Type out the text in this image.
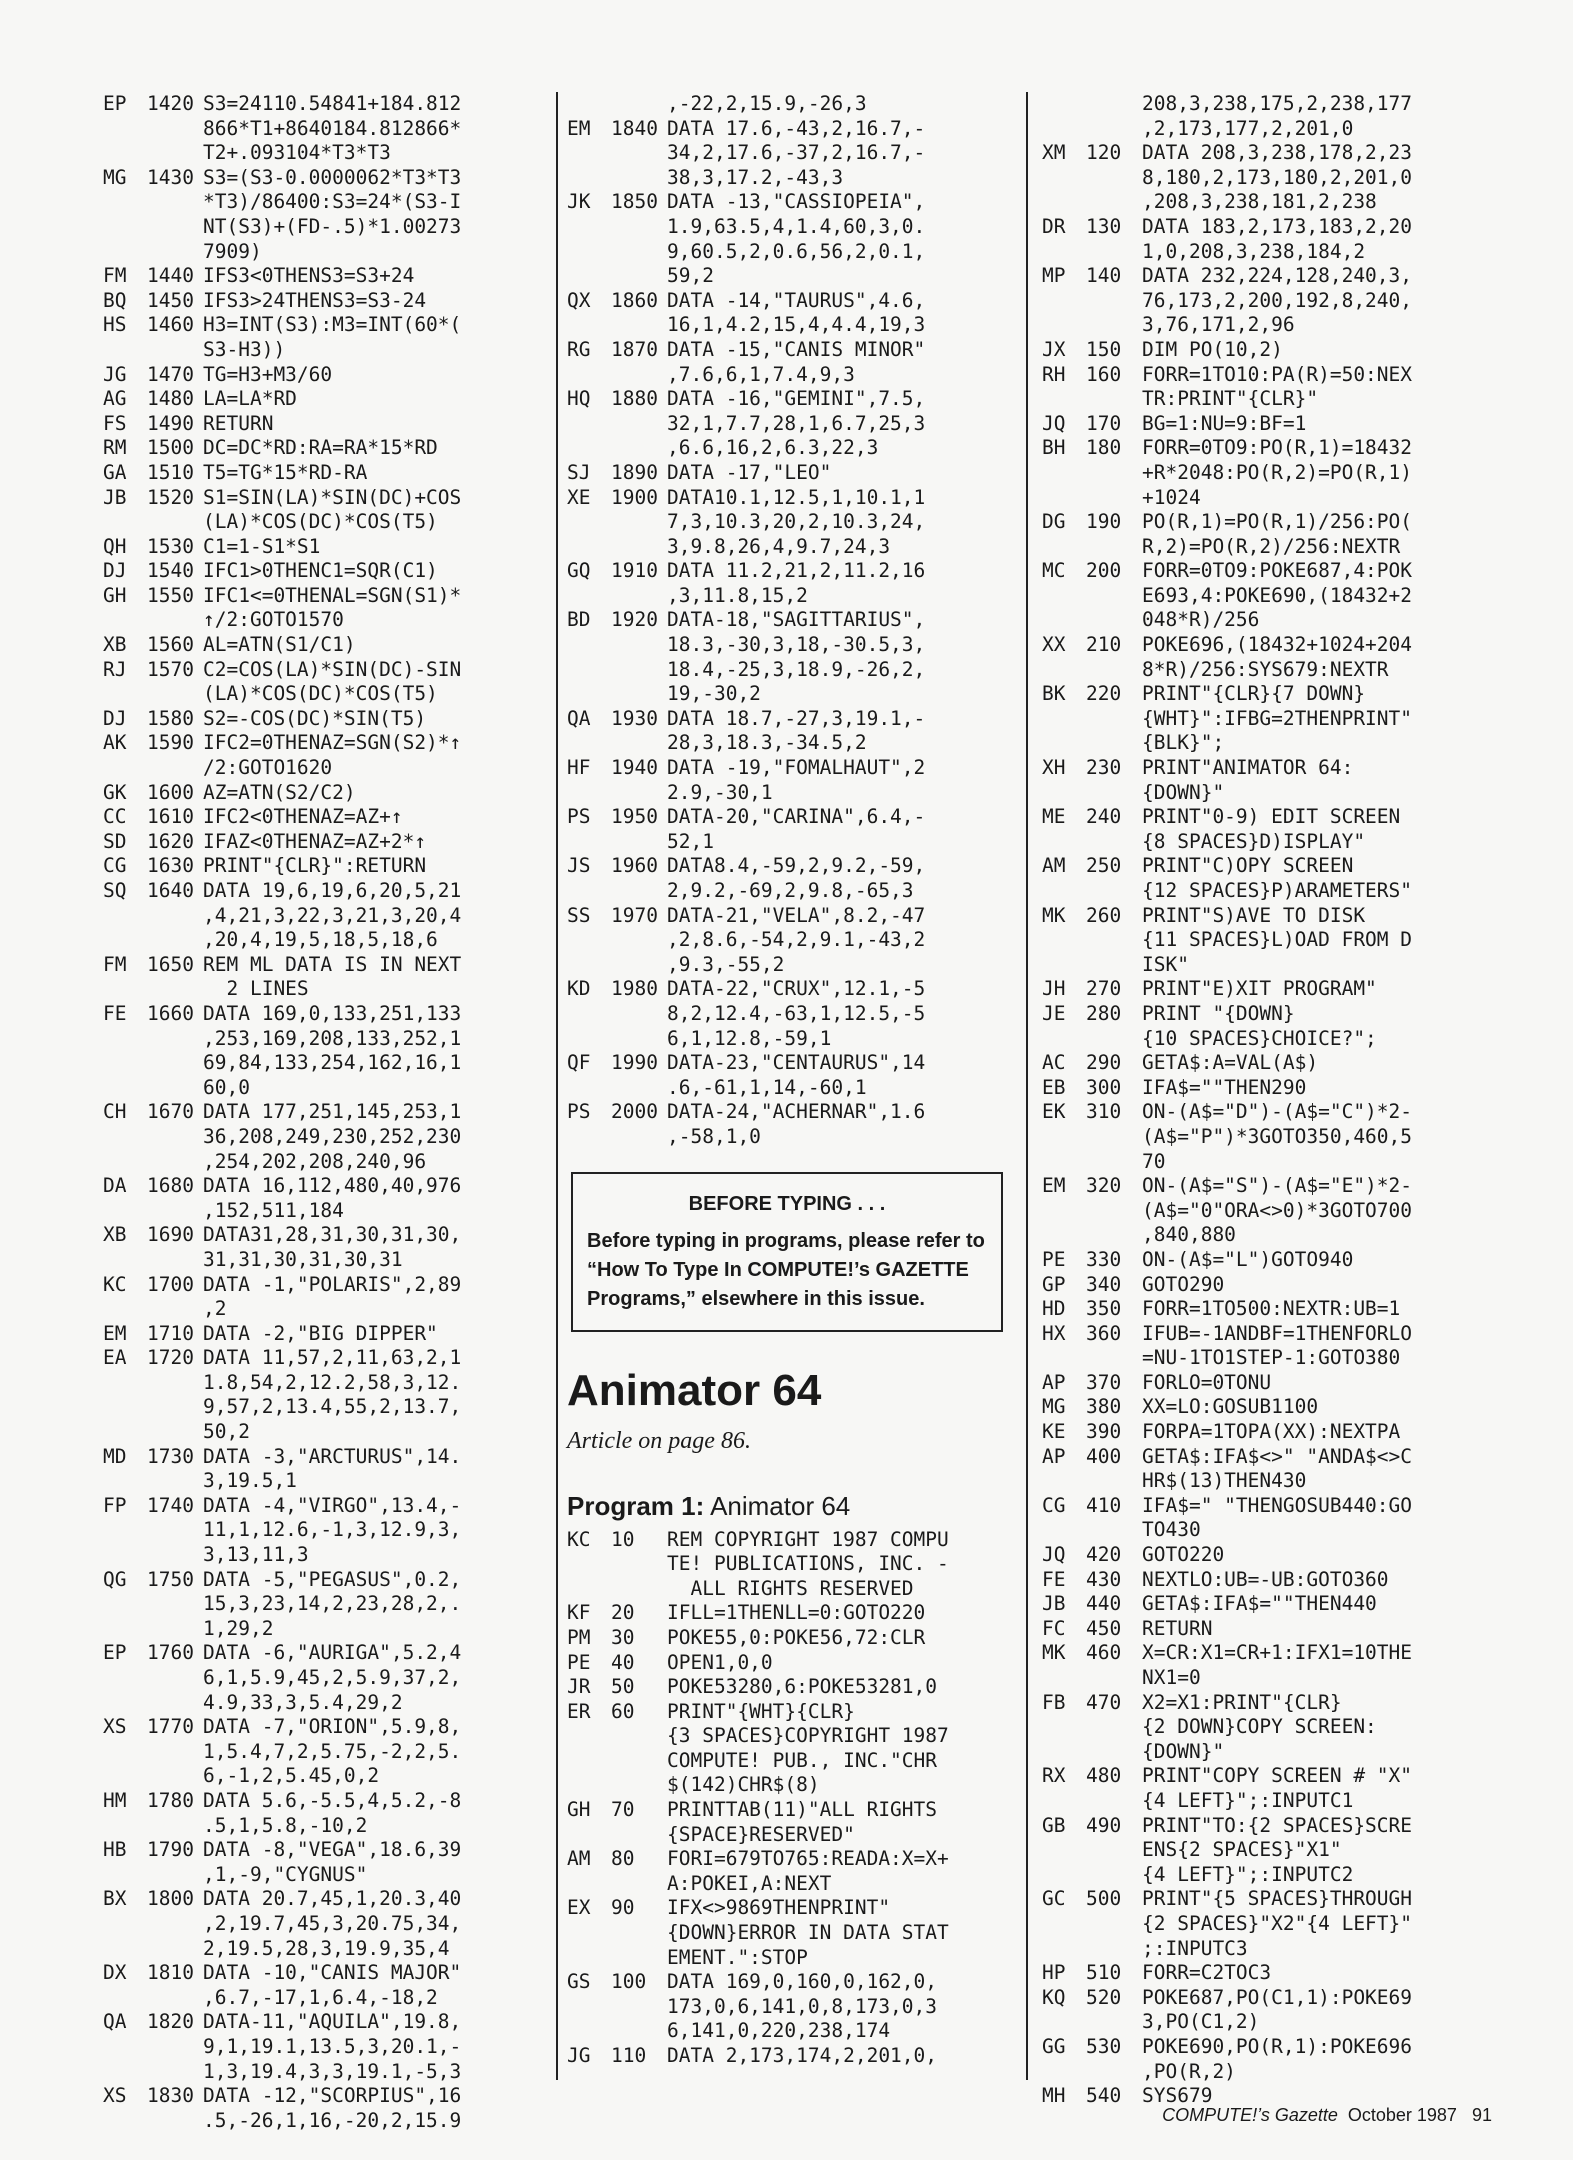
EP	1420 S3=24110.54841+184.812
866*T1+8640184.812866*
T2+.093104*T3*T3
MG	1430 S3=(S3-0.0000062*T3*T3
*T3)/86400:S3=24*(S3-I
NT(S3)+(FD-.5)*1.00273
7909)
FM	1440 IFS3<0THENS3=S3+24
BQ	1450 IFS3>24THENS3=S3-24
HS	1460 H3=INT(S3):M3=INT(60*(
S3-H3))
JG	1470 TG=H3+M3/60
AG	1480 LA=LA*RD
FS	1490 RETURN
RM	1500 DC=DC*RD:RA=RA*15*RD
GA	1510 T5=TG*15*RD-RA
JB	1520 S1=SIN(LA)*SIN(DC)+COS
(LA)*COS(DC)*COS(T5)
QH	1530 C1=1-S1*S1
DJ	1540 IFC1>0THENC1=SQR(C1)
GH	1550 IFC1<=0THENAL=SGN(S1)*
↑/2:GOTO1570
XB	1560 AL=ATN(S1/C1)
RJ	1570 C2=COS(LA)*SIN(DC)-SIN
(LA)*COS(DC)*COS(T5)
DJ	1580 S2=-COS(DC)*SIN(T5)
AK	1590 IFC2=0THENAZ=SGN(S2)*↑
/2:GOTO1620
GK	1600 AZ=ATN(S2/C2)
CC	1610 IFC2<0THENAZ=AZ+↑
SD	1620 IFAZ<0THENAZ=AZ+2*↑
CG	1630 PRINT"{CLR}":RETURN
SQ	1640 DATA 19,6,19,6,20,5,21
,4,21,3,22,3,21,3,20,4
,20,4,19,5,18,5,18,6
FM	1650 REM ML DATA IS IN NEXT
2 LINES
FE	1660 DATA 169,0,133,251,133
,253,169,208,133,252,1
69,84,133,254,162,16,1
60,0
CH	1670 DATA 177,251,145,253,1
36,208,249,230,252,230
,254,202,208,240,96
DA	1680 DATA 16,112,480,40,976
,152,511,184
XB	1690 DATA31,28,31,30,31,30,
31,31,30,31,30,31
KC	1700 DATA -1,"POLARIS",2,89
,2
EM	1710 DATA -2,"BIG DIPPER"
EA	1720 DATA 11,57,2,11,63,2,1
1.8,54,2,12.2,58,3,12.
9,57,2,13.4,55,2,13.7,
50,2
MD	1730 DATA -3,"ARCTURUS",14.
3,19.5,1
FP	1740 DATA -4,"VIRGO",13.4,-
11,1,12.6,-1,3,12.9,3,
3,13,11,3
QG	1750 DATA -5,"PEGASUS",0.2,
15,3,23,14,2,23,28,2,.
1,29,2
EP	1760 DATA -6,"AURIGA",5.2,4
6,1,5.9,45,2,5.9,37,2,
4.9,33,3,5.4,29,2
XS	1770 DATA -7,"ORION",5.9,8,
1,5.4,7,2,5.75,-2,2,5.
6,-1,2,5.45,0,2
HM	1780 DATA 5.6,-5.5,4,5.2,-8
.5,1,5.8,-10,2
HB	1790 DATA -8,"VEGA",18.6,39
,1,-9,"CYGNUS"
BX	1800 DATA 20.7,45,1,20.3,40
,2,19.7,45,3,20.75,34,
2,19.5,28,3,19.9,35,4
DX	1810 DATA -10,"CANIS MAJOR"
,6.7,-17,1,6.4,-18,2
QA	1820 DATA-11,"AQUILA",19.8,
9,1,19.1,13.5,3,20.1,-
1,3,19.4,3,3,19.1,-5,3
XS	1830 DATA -12,"SCORPIUS",16
.5,-26,1,16,-20,2,15.9
,-22,2,15.9,-26,3
EM	1840 DATA 17.6,-43,2,16.7,-
34,2,17.6,-37,2,16.7,-
38,3,17.2,-43,3
JK	1850 DATA -13,"CASSIOPEIA",
1.9,63.5,4,1.4,60,3,0.
9,60.5,2,0.6,56,2,0.1,
59,2
QX	1860 DATA -14,"TAURUS",4.6,
16,1,4.2,15,4,4.4,19,3
RG	1870 DATA -15,"CANIS MINOR"
,7.6,6,1,7.4,9,3
HQ	1880 DATA -16,"GEMINI",7.5,
32,1,7.7,28,1,6.7,25,3
,6.6,16,2,6.3,22,3
SJ	1890 DATA -17,"LEO"
XE	1900 DATA10.1,12.5,1,10.1,1
7,3,10.3,20,2,10.3,24,
3,9.8,26,4,9.7,24,3
GQ	1910 DATA 11.2,21,2,11.2,16
,3,11.8,15,2
BD	1920 DATA-18,"SAGITTARIUS",
18.3,-30,3,18,-30.5,3,
18.4,-25,3,18.9,-26,2,
19,-30,2
QA	1930 DATA 18.7,-27,3,19.1,-
28,3,18.3,-34.5,2
HF	1940 DATA -19,"FOMALHAUT",2
2.9,-30,1
PS	1950 DATA-20,"CARINA",6.4,-
52,1
JS	1960 DATA8.4,-59,2,9.2,-59,
2,9.2,-69,2,9.8,-65,3
SS	1970 DATA-21,"VELA",8.2,-47
,2,8.6,-54,2,9.1,-43,2
,9.3,-55,2
KD	1980 DATA-22,"CRUX",12.1,-5
8,2,12.4,-63,1,12.5,-5
6,1,12.8,-59,1
QF	1990 DATA-23,"CENTAURUS",14
.6,-61,1,14,-60,1
PS	2000 DATA-24,"ACHERNAR",1.6
,-58,1,0
BEFORE TYPING . . .
Before typing in programs, please refer to “How To Type In COMPUTE!’s GAZETTE Programs,” elsewhere in this issue.
Animator 64
Article on page 86.
Program 1: Animator 64
KC	10	REM COPYRIGHT 1987 COMPU
TE! PUBLICATIONS, INC. -
ALL RIGHTS RESERVED
KF	20	IFLL=1THENLL=0:GOTO220
PM	30	POKE55,0:POKE56,72:CLR
PE	40	OPEN1,0,0
JR	50	POKE53280,6:POKE53281,0
ER	60	PRINT"{WHT}{CLR}
{3 SPACES}COPYRIGHT 1987
COMPUTE! PUB., INC."CHR
$(142)CHR$(8)
GH	70	PRINTTAB(11)"ALL RIGHTS
{SPACE}RESERVED"
AM	80	FORI=679TO765:READA:X=X+
A:POKEI,A:NEXT
EX	90	IFX<>9869THENPRINT"
{DOWN}ERROR IN DATA STAT
EMENT.":STOP
GS	100	DATA 169,0,160,0,162,0,
173,0,6,141,0,8,173,0,3
6,141,0,220,238,174
JG	110	DATA 2,173,174,2,201,0,
208,3,238,175,2,238,177
,2,173,177,2,201,0
XM	120	DATA 208,3,238,178,2,23
8,180,2,173,180,2,201,0
,208,3,238,181,2,238
DR	130	DATA 183,2,173,183,2,20
1,0,208,3,238,184,2
MP	140	DATA 232,224,128,240,3,
76,173,2,200,192,8,240,
3,76,171,2,96
JX	150	DIM PO(10,2)
RH	160	FORR=1TO10:PA(R)=50:NEX
TR:PRINT"{CLR}"
JQ	170	BG=1:NU=9:BF=1
BH	180	FORR=0TO9:PO(R,1)=18432
+R*2048:PO(R,2)=PO(R,1)
+1024
DG	190	PO(R,1)=PO(R,1)/256:PO(
R,2)=PO(R,2)/256:NEXTR
MC	200	FORR=0TO9:POKE687,4:POK
E693,4:POKE690,(18432+2
048*R)/256
XX	210	POKE696,(18432+1024+204
8*R)/256:SYS679:NEXTR
BK	220	PRINT"{CLR}{7 DOWN}
{WHT}":IFBG=2THENPRINT"
{BLK}";
XH	230	PRINT"ANIMATOR 64:
{DOWN}"
ME	240	PRINT"0-9) EDIT SCREEN
{8 SPACES}D)ISPLAY"
AM	250	PRINT"C)OPY SCREEN
{12 SPACES}P)ARAMETERS"
MK	260	PRINT"S)AVE TO DISK
{11 SPACES}L)OAD FROM D
ISK"
JH	270	PRINT"E)XIT PROGRAM"
JE	280	PRINT "{DOWN}
{10 SPACES}CHOICE?";
AC	290	GETA$:A=VAL(A$)
EB	300	IFA$=""THEN290
EK	310	ON-(A$="D")-(A$="C")*2-
(A$="P")*3GOTO350,460,5
70
EM	320	ON-(A$="S")-(A$="E")*2-
(A$="0"ORA<>0)*3GOTO700
,840,880
PE	330	ON-(A$="L")GOTO940
GP	340	GOTO290
HD	350	FORR=1TO500:NEXTR:UB=1
HX	360	IFUB=-1ANDBF=1THENFORLO
=NU-1TO1STEP-1:GOTO380
AP	370	FORLO=0TONU
MG	380	XX=LO:GOSUB1100
KE	390	FORPA=1TOPA(XX):NEXTPA
AP	400	GETA$:IFA$<>" "ANDA$<>C
HR$(13)THEN430
CG	410	IFA$=" "THENGOSUB440:GO
TO430
JQ	420	GOTO220
FE	430	NEXTLO:UB=-UB:GOTO360
JB	440	GETA$:IFA$=""THEN440
FC	450	RETURN
MK	460	X=CR:X1=CR+1:IFX1=10THE
NX1=0
FB	470	X2=X1:PRINT"{CLR}
{2 DOWN}COPY SCREEN:
{DOWN}"
RX	480	PRINT"COPY SCREEN # "X"
{4 LEFT}";:INPUTC1
GB	490	PRINT"TO:{2 SPACES}SCRE
ENS{2 SPACES}"X1"
{4 LEFT}";:INPUTC2
GC	500	PRINT"{5 SPACES}THROUGH
{2 SPACES}"X2"{4 LEFT}"
;:INPUTC3
HP	510	FORR=C2TOC3
KQ	520	POKE687,PO(C1,1):POKE69
3,PO(C1,2)
GG	530	POKE690,PO(R,1):POKE696
,PO(R,2)
MH	540	SYS679
COMPUTE!’s Gazette October 1987 91
